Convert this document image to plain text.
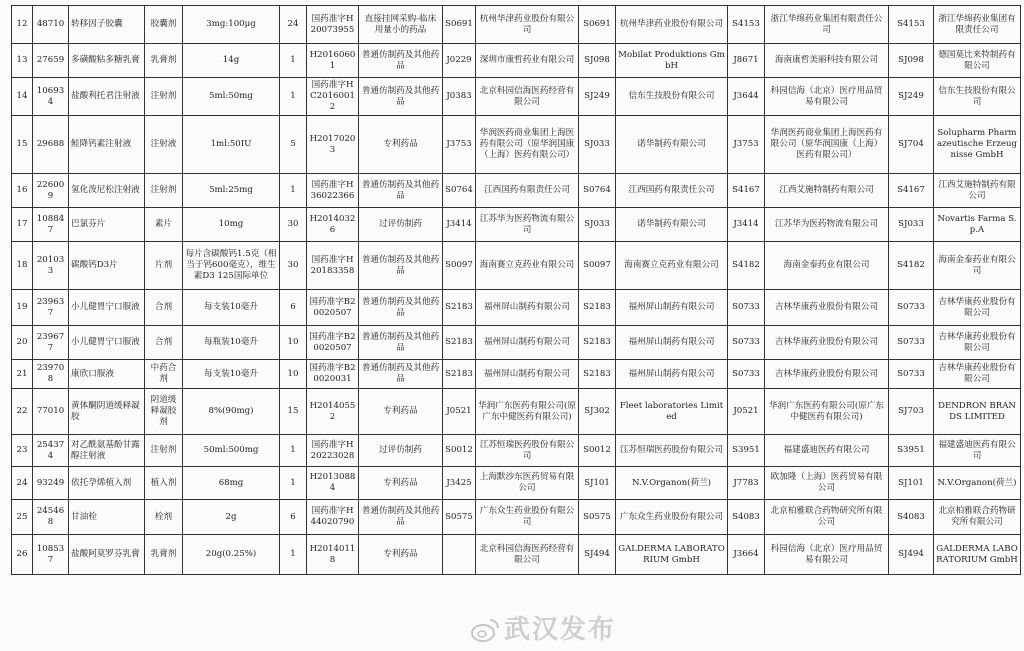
12	48710	转移因子胶囊	胶囊剂	3mg:100μg	24	国药准字H20073955	直接挂网采购-临床用量小的药品	S0691	杭州华津药业股份有限公司	S0691	杭州华津药业股份有限公司	S4153	浙江华绵药业集团有限责任公司	S4153	浙江华绵药业集团有限责任公司
13	27659	多磺酸粘多糖乳膏	乳膏剂	14g	1	H20160601	普通仿制药及其他药品	J0229	深圳市康哲药业有限公司	SJ098	Mobilat Produktions GmbH	J8671	海南康哲美丽科技有限公司	SJ098	德国莫比来特制药有限公司
14	106934	盐酸利托君注射液	注射剂	5ml:50mg	1	国药准字HC20160012	普通仿制药及其他药品	J0383	北京科园信海医药经营有限公司	SJ249	信东生技股份有限公司	J3644	科园信海（北京）医疗用品贸易有限公司	SJ249	信东生技股份有限公司
15	29688	鲑降钙素注射液	注射液	1ml:50IU	5	H20170203	专利药品	J3753	华润医药商业集团上海医药有限公司（原华润国康（上海）医药有限公司）	SJ033	诺华制药有限公司	J3753	华润医药商业集团上海医药有限公司（原华润国康（上海）医药有限公司）	SJ704	Solupharm Pharmazeutische Erzeugnisse GmbH
16	226009	氢化泼尼松注射液	注射剂	5ml:25mg	1	国药准字H36022366	普通仿制药及其他药品	S0764	江西国药有限责任公司	S0764	江西国药有限责任公司	S4167	江西艾施特制药有限公司	S4167	江西艾施特制药有限公司
17	108847	巴氯芬片	素片	10mg	30	H20140326	过评仿制药	J3414	江苏华为医药物流有限公司	SJ033	诺华制药有限公司	J3414	江苏华为医药物流有限公司	SJ033	Novartis Farma S.p.A
18	201033	碳酸钙D3片	片剂	每片含碳酸钙1.5克（相当于钙600毫克），维生素D3 125国际单位	30	国药准字H20183358	普通仿制药及其他药品	S0097	海南赛立克药业有限公司	S0097	海南赛立克药业有限公司	S4182	海南金泰药业有限公司	S4182	海南金泰药业有限公司
19	239637	小儿健胃宁口服液	合剂	每支装10毫升	6	国药准字B20020507	普通仿制药及其他药品	S2183	福州屏山制药有限公司	S2183	福州屏山制药有限公司	S0733	吉林华康药业股份有限公司	S0733	吉林华康药业股份有限公司
20	239677	小儿健胃宁口服液	合剂	每瓶装10毫升	10	国药准字B20020507	普通仿制药及其他药品	S2183	福州屏山制药有限公司	S2183	福州屏山制药有限公司	S0733	吉林华康药业股份有限公司	S0733	吉林华康药业股份有限公司
21	239708	康欣口服液	中药合剂	每支装10毫升	10	国药准字B20020031	普通仿制药及其他药品	S2183	福州屏山制药有限公司	S2183	福州屏山制药有限公司	S0733	吉林华康药业股份有限公司	S0733	吉林华康药业股份有限公司
22	77010	黄体酮阴道缓释凝胶	阴道缓释凝胶剂	8%(90mg)	15	H20140552	专利药品	J0521	华润广东医药有限公司(原广东中健医药有限公司)	SJ302	Fleet laboratories Limited	J0521	华润广东医药有限公司(原广东中健医药有限公司)	SJ703	DENDRON BRANDS LIMITED
23	254374	对乙酰氨基酚甘露醇注射液	注射剂	50ml:500mg	1	国药准字H20223028	过评仿制药	S0012	江苏恒瑞医药股份有限公司	S0012	江苏恒瑞医药股份有限公司	S3951	福建盛迪医药有限公司	S3951	福建盛迪医药有限公司
24	93249	依托孕烯植入剂	植入剂	68mg	1	H20130884	专利药品	J3425	上海默沙东医药贸易有限公司	SJ101	N.V.Organon(荷兰)	J7783	欧加隆（上海）医药贸易有限公司	SJ101	N.V.Organon(荷兰)
25	245468	甘油栓	栓剂	2g	6	国药准字H44020790	普通仿制药及其他药品	S0575	广东众生药业股份有限公司	S0575	广东众生药业股份有限公司	S4083	北京柏雅联合药物研究所有限公司	S4083	北京柏雅联合药物研究所有限公司
26	108537	盐酸阿莫罗芬乳膏	乳膏剂	20g(0.25%)	1	H20140118	专利药品		北京科园信海医药经营有限公司	SJ494	GALDERMA LABORATORIUM GmbH	J3664	科园信海（北京）医疗用品贸易有限公司	SJ494	GALDERMA LABORATORIUM GmbH
武汉发布
